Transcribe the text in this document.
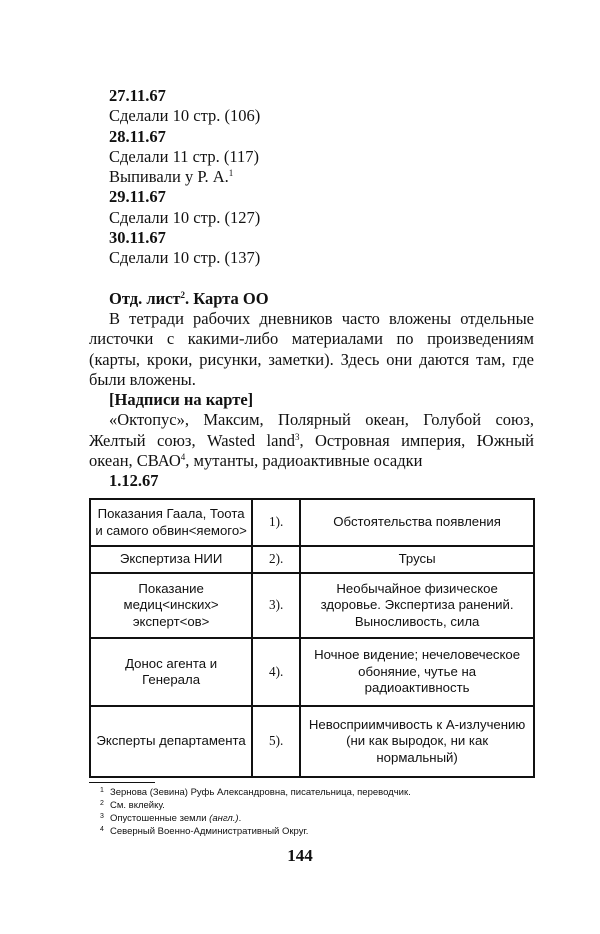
27.11.67
Сделали 10 стр. (106)
28.11.67
Сделали 11 стр. (117)
Выпивали у Р. А.$^1$
29.11.67
Сделали 10 стр. (127)
30.11.67
Сделали 10 стр. (137)
Отд. лист$^2$. Карта ОО

В тетради рабочих дневников часто вложены отдельные листочки с какими-либо материалами по произведениям (карты, кроки, рисунки, заметки). Здесь они даются там, где были вложены.

[Надписи на карте]

«Октопус», Максим, Полярный океан, Голубой союз, Желтый союз, Wasted land$^3$, Островная империя, Южный океан, СВАО$^4$, мутанты, радиоактивные осадки

1.12.67
Показания Гаала, Тоота и самого обвин<яемого>	1).	Обстоятельства появления
Экспертиза НИИ	2).	Трусы
Показание медиц<инских> эксперт<ов>	3).	Необычайное физическое здоровье. Экспертиза ранений. Выносливость, сила
Донос агента и Генерала	4).	Ночное видение; нечеловеческое обоняние, чутье на радиоактивность
Эксперты департамента	5).	Невосприимчивость к А-излучению (ни как выродок, ни как нормальный)
1 Зернова (Зевина) Руфь Александровна, писательница, переводчик.
2 См. вклейку.
3 Опустошенные земли (англ.).
4 Северный Военно-Административный Округ.
144
